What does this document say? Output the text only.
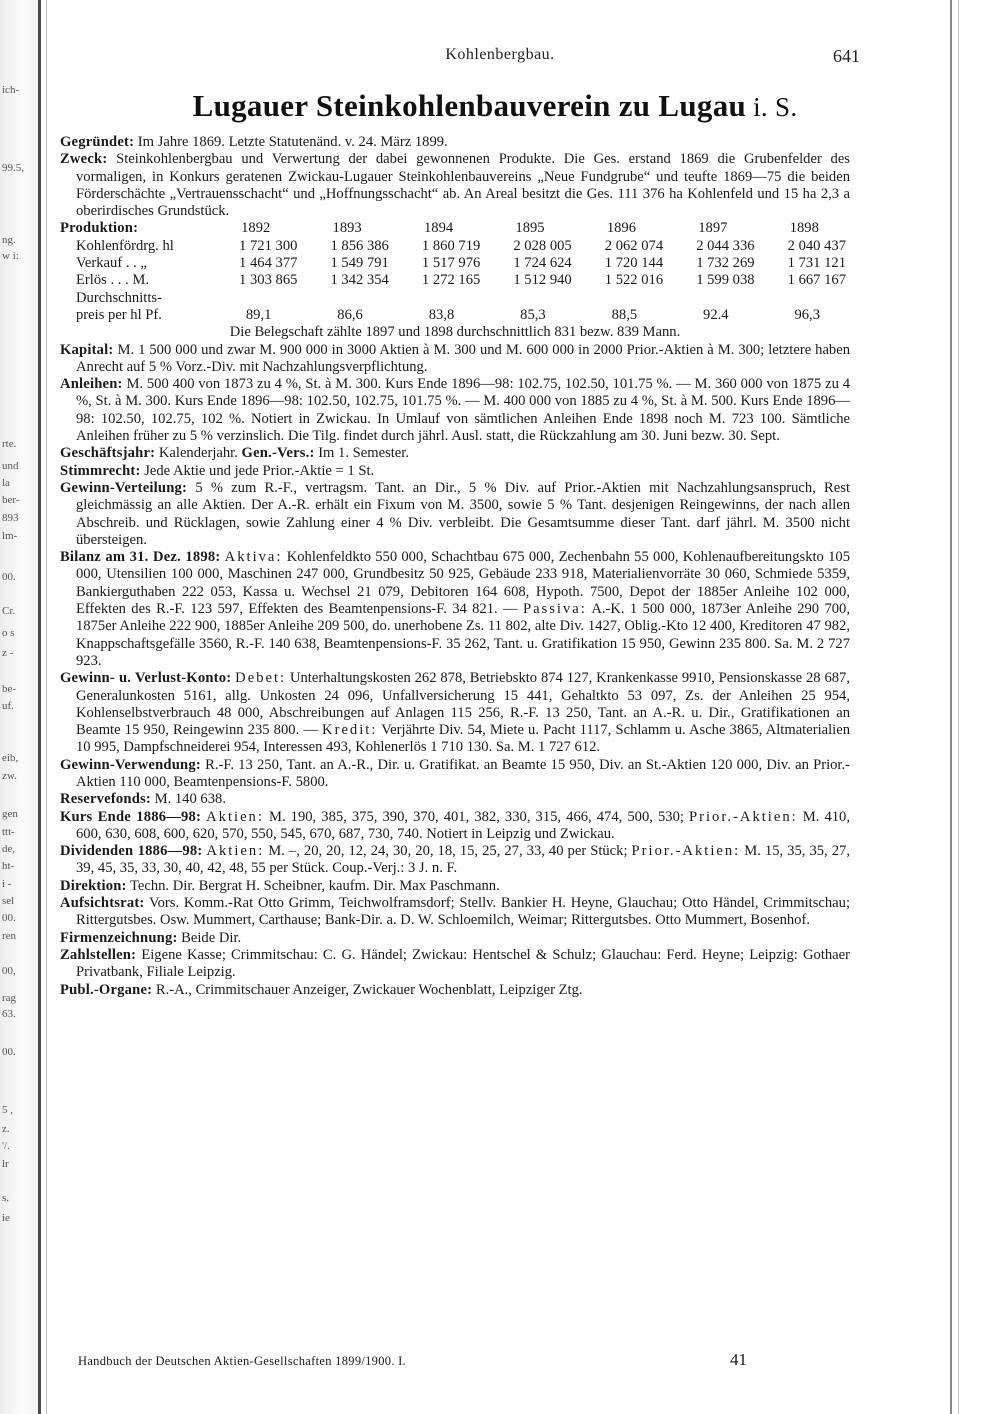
ich-
99.5,
ng.
w i:
rte.
und
la
ber-
893
lm-
00.
Cr.
o s
z -
be-
uf.
eib,
zw.
gen
ttt-
de,
ht-
i -
sel
00.
ren
00,
rag
63.
00.
5 ,
z.
'/.
lr
s.
ie
Kohlenbergbau.	641
Lugauer Steinkohlenbauverein zu Lugau i. S.

Gegründet: Im Jahre 1869. Letzte Statutenänd. v. 24. März 1899.

Zweck: Steinkohlenbergbau und Verwertung der dabei gewonnenen Produkte. Die Ges. erstand 1869 die Grubenfelder des vormaligen, in Konkurs geratenen Zwickau-Lugauer Steinkohlenbauvereins „Neue Fundgrube“ und teufte 1869—75 die beiden Förderschächte „Vertrauensschacht“ und „Hoffnungsschacht“ ab. An Areal besitzt die Ges. 111 376 ha Kohlenfeld und 15 ha 2,3 a oberirdisches Grundstück.

Produktion:	1892	1893	1894	1895	1896	1897	1898
Kohlenfördrg. hl	1 721 300	1 856 386	1 860 719	2 028 005	2 062 074	2 044 336	2 040 437
Verkauf . . „	1 464 377	1 549 791	1 517 976	1 724 624	1 720 144	1 732 269	1 731 121
Erlös . . . M.	1 303 865	1 342 354	1 272 165	1 512 940	1 522 016	1 599 038	1 667 167
Durchschnitts-
preis per hl Pf.	89,1	86,6	83,8	85,3	88,5	92.4	96,3

Die Belegschaft zählte 1897 und 1898 durchschnittlich 831 bezw. 839 Mann.

Kapital: M. 1 500 000 und zwar M. 900 000 in 3000 Aktien à M. 300 und M. 600 000 in 2000 Prior.-Aktien à M. 300; letztere haben Anrecht auf 5 % Vorz.-Div. mit Nachzahlungsverpflichtung.

Anleihen: M. 500 400 von 1873 zu 4 %, St. à M. 300. Kurs Ende 1896—98: 102.75, 102.50, 101.75 %. — M. 360 000 von 1875 zu 4 %, St. à M. 300. Kurs Ende 1896—98: 102.50, 102.75, 101.75 %. — M. 400 000 von 1885 zu 4 %, St. à M. 500. Kurs Ende 1896—98: 102.50, 102.75, 102 %. Notiert in Zwickau. In Umlauf von sämtlichen Anleihen Ende 1898 noch M. 723 100. Sämtliche Anleihen früher zu 5 % verzinslich. Die Tilg. findet durch jährl. Ausl. statt, die Rückzahlung am 30. Juni bezw. 30. Sept.

Geschäftsjahr: Kalenderjahr. Gen.-Vers.: Im 1. Semester.

Stimmrecht: Jede Aktie und jede Prior.-Aktie = 1 St.

Gewinn-Verteilung: 5 % zum R.-F., vertragsm. Tant. an Dir., 5 % Div. auf Prior.-Aktien mit Nachzahlungsanspruch, Rest gleichmässig an alle Aktien. Der A.-R. erhält ein Fixum von M. 3500, sowie 5 % Tant. desjenigen Reingewinns, der nach allen Abschreib. und Rücklagen, sowie Zahlung einer 4 % Div. verbleibt. Die Gesamtsumme dieser Tant. darf jährl. M. 3500 nicht übersteigen.

Bilanz am 31. Dez. 1898: Aktiva: Kohlenfeldkto 550 000, Schachtbau 675 000, Zechenbahn 55 000, Kohlenaufbereitungskto 105 000, Utensilien 100 000, Maschinen 247 000, Grundbesitz 50 925, Gebäude 233 918, Materialienvorräte 30 060, Schmiede 5359, Bankierguthaben 222 053, Kassa u. Wechsel 21 079, Debitoren 164 608, Hypoth. 7500, Depot der 1885er Anleihe 102 000, Effekten des R.-F. 123 597, Effekten des Beamtenpensions-F. 34 821. — Passiva: A.-K. 1 500 000, 1873er Anleihe 290 700, 1875er Anleihe 222 900, 1885er Anleihe 209 500, do. unerhobene Zs. 11 802, alte Div. 1427, Oblig.-Kto 12 400, Kreditoren 47 982, Knappschaftsgefälle 3560, R.-F. 140 638, Beamtenpensions-F. 35 262, Tant. u. Gratifikation 15 950, Gewinn 235 800. Sa. M. 2 727 923.

Gewinn- u. Verlust-Konto: Debet: Unterhaltungskosten 262 878, Betriebskto 874 127, Krankenkasse 9910, Pensionskasse 28 687, Generalunkosten 5161, allg. Unkosten 24 096, Unfallversicherung 15 441, Gehaltkto 53 097, Zs. der Anleihen 25 954, Kohlenselbstverbrauch 48 000, Abschreibungen auf Anlagen 115 256, R.-F. 13 250, Tant. an A.-R. u. Dir., Gratifikationen an Beamte 15 950, Reingewinn 235 800. — Kredit: Verjährte Div. 54, Miete u. Pacht 1117, Schlamm u. Asche 3865, Altmaterialien 10 995, Dampfschneiderei 954, Interessen 493, Kohlenerlös 1 710 130. Sa. M. 1 727 612.

Gewinn-Verwendung: R.-F. 13 250, Tant. an A.-R., Dir. u. Gratifikat. an Beamte 15 950, Div. an St.-Aktien 120 000, Div. an Prior.-Aktien 110 000, Beamtenpensions-F. 5800.

Reservefonds: M. 140 638.

Kurs Ende 1886—98: Aktien: M. 190, 385, 375, 390, 370, 401, 382, 330, 315, 466, 474, 500, 530; Prior.-Aktien: M. 410, 600, 630, 608, 600, 620, 570, 550, 545, 670, 687, 730, 740. Notiert in Leipzig und Zwickau.

Dividenden 1886—98: Aktien: M. –, 20, 20, 12, 24, 30, 20, 18, 15, 25, 27, 33, 40 per Stück; Prior.-Aktien: M. 15, 35, 35, 27, 39, 45, 35, 33, 30, 40, 42, 48, 55 per Stück. Coup.-Verj.: 3 J. n. F.

Direktion: Techn. Dir. Bergrat H. Scheibner, kaufm. Dir. Max Paschmann.

Aufsichtsrat: Vors. Komm.-Rat Otto Grimm, Teichwolframsdorf; Stellv. Bankier H. Heyne, Glauchau; Otto Händel, Crimmitschau; Rittergutsbes. Osw. Mummert, Carthause; Bank-Dir. a. D. W. Schloemilch, Weimar; Rittergutsbes. Otto Mummert, Bosenhof.

Firmenzeichnung: Beide Dir.

Zahlstellen: Eigene Kasse; Crimmitschau: C. G. Händel; Zwickau: Hentschel & Schulz; Glauchau: Ferd. Heyne; Leipzig: Gothaer Privatbank, Filiale Leipzig.

Publ.-Organe: R.-A., Crimmitschauer Anzeiger, Zwickauer Wochenblatt, Leipziger Ztg.

Handbuch der Deutschen Aktien-Gesellschaften 1899/1900. I.	41
